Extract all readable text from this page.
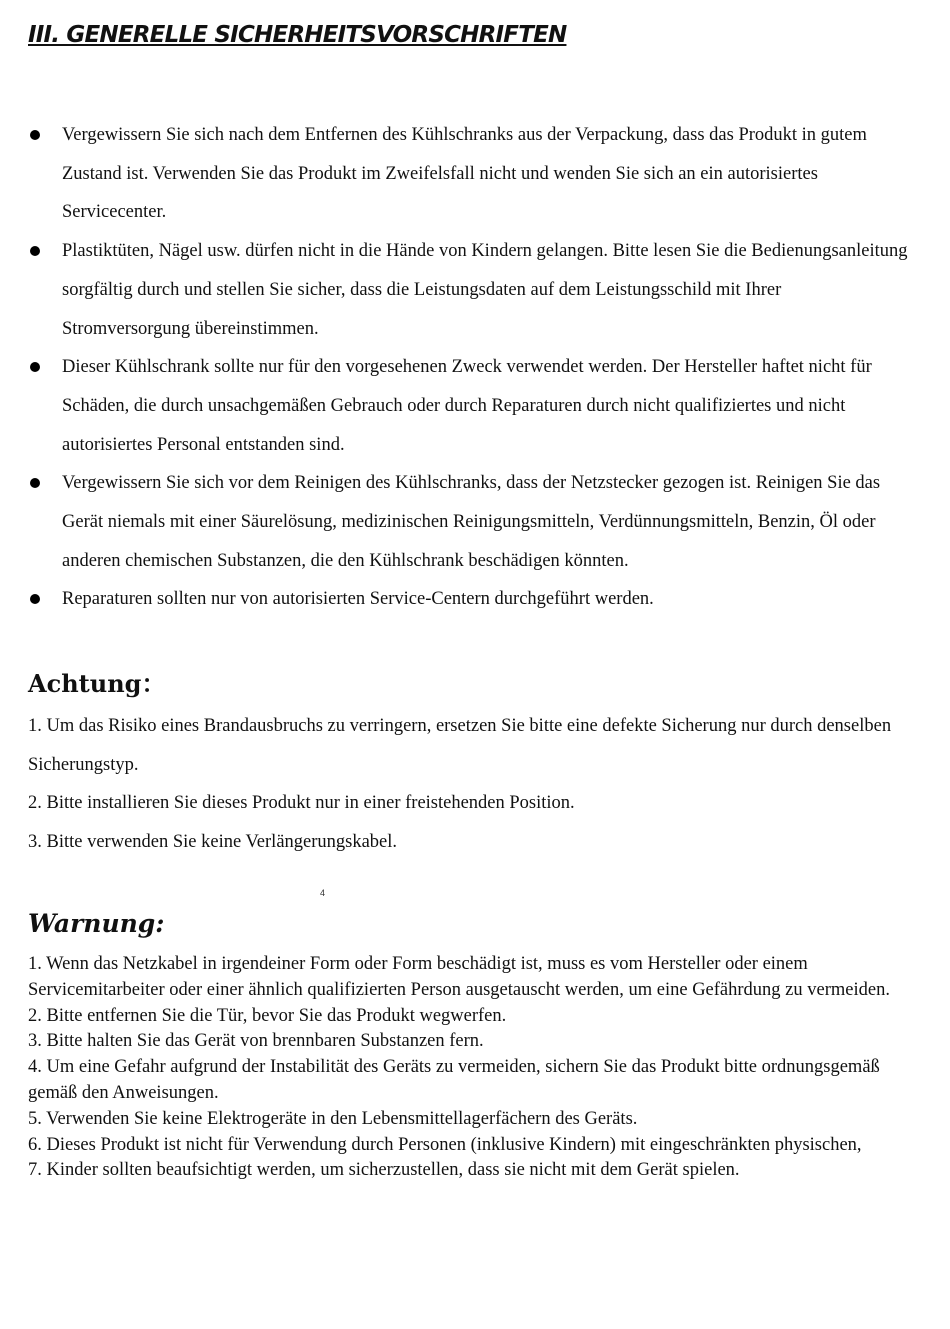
III. GENERELLE SICHERHEITSVORSCHRIFTEN
Vergewissern Sie sich nach dem Entfernen des Kühlschranks aus der Verpackung, dass das Produkt in gutem Zustand ist. Verwenden Sie das Produkt im Zweifelsfall nicht und wenden Sie sich an ein autorisiertes Servicecenter.
Plastiktüten, Nägel usw. dürfen nicht in die Hände von Kindern gelangen. Bitte lesen Sie die Bedienungsanleitung sorgfältig durch und stellen Sie sicher, dass die Leistungsdaten auf dem Leistungsschild mit Ihrer Stromversorgung übereinstimmen.
Dieser Kühlschrank sollte nur für den vorgesehenen Zweck verwendet werden. Der Hersteller haftet nicht für Schäden, die durch unsachgemäßen Gebrauch oder durch Reparaturen durch nicht qualifiziertes und nicht autorisiertes Personal entstanden sind.
Vergewissern Sie sich vor dem Reinigen des Kühlschranks, dass der Netzstecker gezogen ist. Reinigen Sie das Gerät niemals mit einer Säurelösung, medizinischen Reinigungsmitteln, Verdünnungsmitteln, Benzin, Öl oder anderen chemischen Substanzen, die den Kühlschrank beschädigen könnten.
Reparaturen sollten nur von autorisierten Service-Centern durchgeführt werden.
Achtung：
1. Um das Risiko eines Brandausbruchs zu verringern, ersetzen Sie bitte eine defekte Sicherung nur durch denselben Sicherungstyp.
2. Bitte installieren Sie dieses Produkt nur in einer freistehenden Position.
3. Bitte verwenden Sie keine Verlängerungskabel.
4
Warnung:
1. Wenn das Netzkabel in irgendeiner Form oder Form beschädigt ist, muss es vom Hersteller oder einem Servicemitarbeiter oder einer ähnlich qualifizierten Person ausgetauscht werden, um eine Gefährdung zu vermeiden.
2. Bitte entfernen Sie die Tür, bevor Sie das Produkt wegwerfen.
3. Bitte halten Sie das Gerät von brennbaren Substanzen fern.
4. Um eine Gefahr aufgrund der Instabilität des Geräts zu vermeiden, sichern Sie das Produkt bitte ordnungsgemäß gemäß den Anweisungen.
5. Verwenden Sie keine Elektrogeräte in den Lebensmittellagerfächern des Geräts.
6. Dieses Produkt ist nicht für Verwendung durch Personen (inklusive Kindern) mit eingeschränkten physischen,
7. Kinder sollten beaufsichtigt werden, um sicherzustellen, dass sie nicht mit dem Gerät spielen.
